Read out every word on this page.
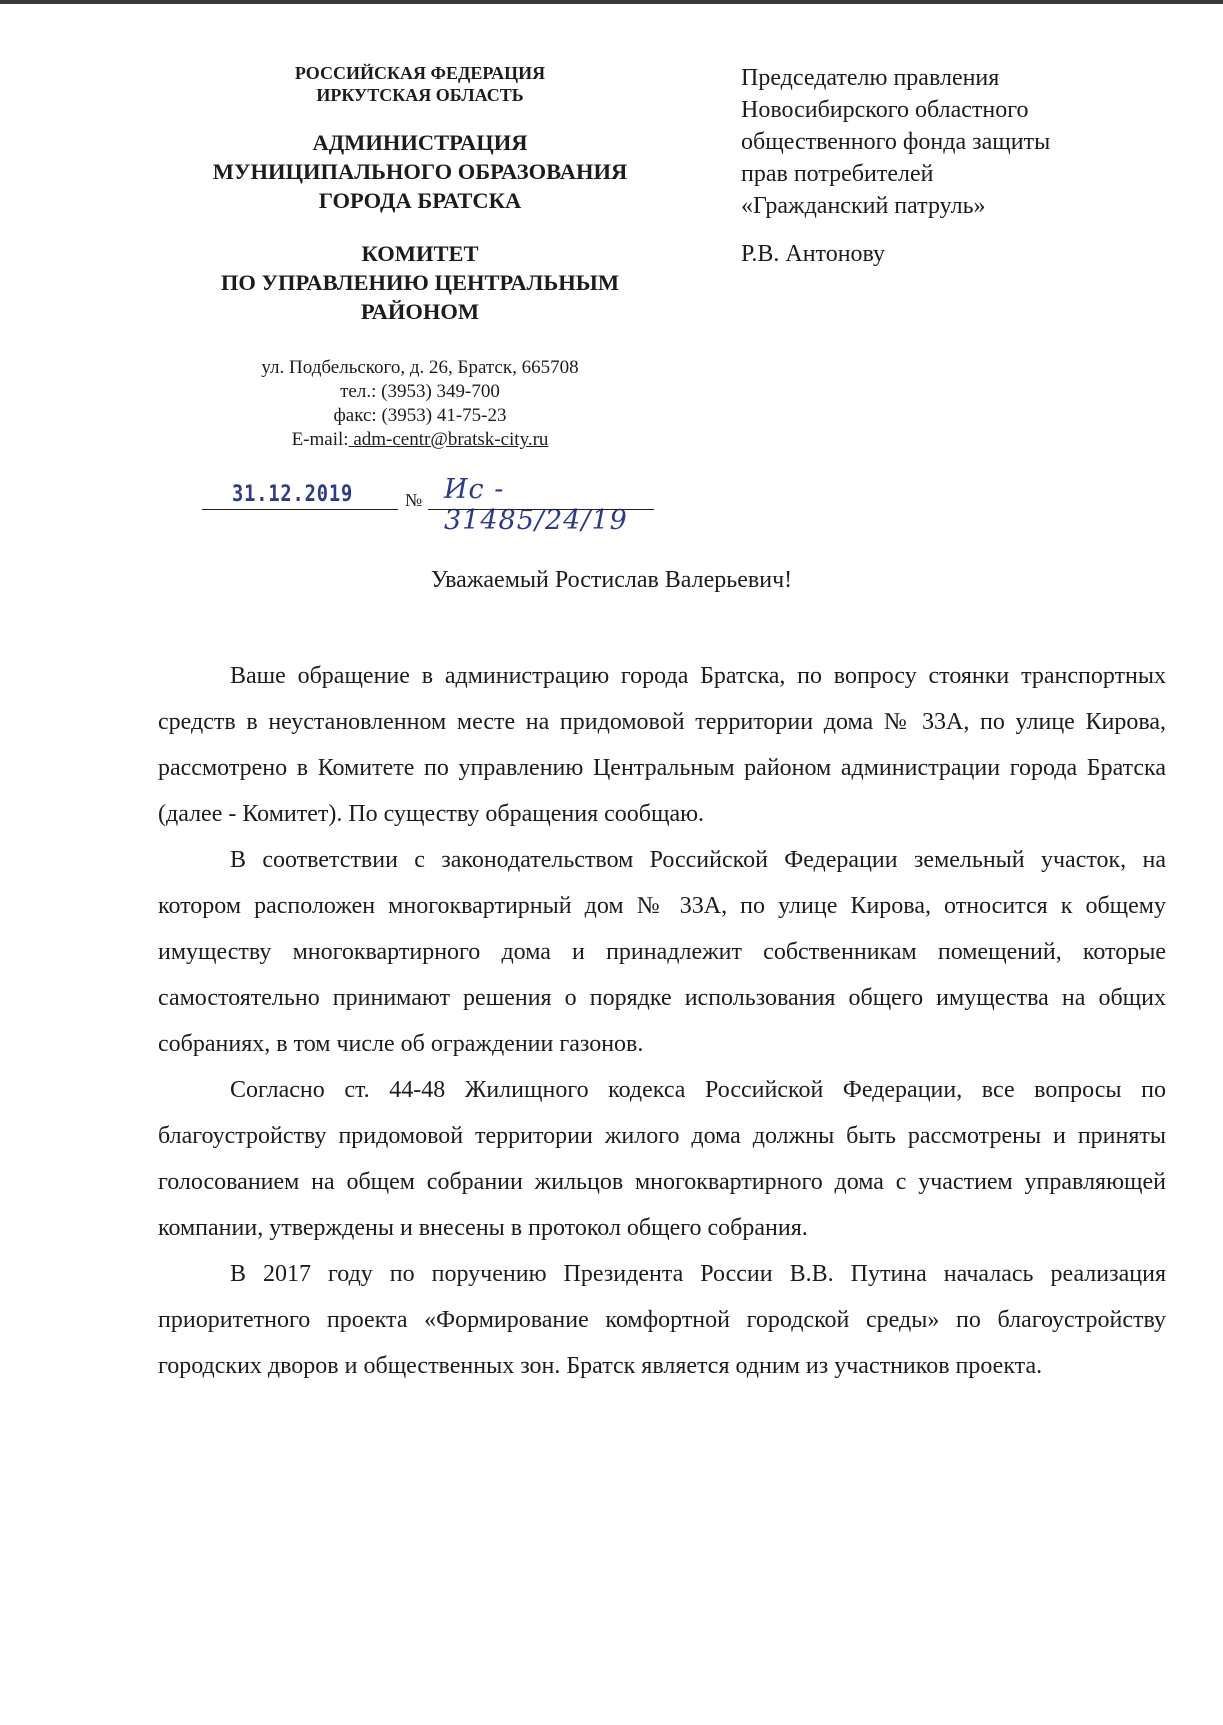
РОССИЙСКАЯ ФЕДЕРАЦИЯ
ИРКУТСКАЯ ОБЛАСТЬ
АДМИНИСТРАЦИЯ
МУНИЦИПАЛЬНОГО ОБРАЗОВАНИЯ
ГОРОДА БРАТСКА
КОМИТЕТ
ПО УПРАВЛЕНИЮ ЦЕНТРАЛЬНЫМ
РАЙОНОМ
ул. Подбельского, д. 26, Братск, 665708
тел.: (3953) 349-700
факс: (3953) 41-75-23
E-mail: adm-centr@bratsk-city.ru
31.12.2019	№ Ис - 31485/24/19
Председателю правления
Новосибирского областного
общественного фонда защиты
прав потребителей
«Гражданский патруль»
Р.В. Антонову
Уважаемый Ростислав Валерьевич!

Ваше обращение в администрацию города Братска, по вопросу стоянки транспортных средств в неустановленном месте на придомовой территории дома № 33А, по улице Кирова, рассмотрено в Комитете по управлению Центральным районом администрации города Братска (далее - Комитет). По существу обращения сообщаю.

В соответствии с законодательством Российской Федерации земельный участок, на котором расположен многоквартирный дом № 33А, по улице Кирова, относится к общему имуществу многоквартирного дома и принадлежит собственникам помещений, которые самостоятельно принимают решения о порядке использования общего имущества на общих собраниях, в том числе об ограждении газонов.

Согласно ст. 44-48 Жилищного кодекса Российской Федерации, все вопросы по благоустройству придомовой территории жилого дома должны быть рассмотрены и приняты голосованием на общем собрании жильцов многоквартирного дома с участием управляющей компании, утверждены и внесены в протокол общего собрания.

В 2017 году по поручению Президента России В.В. Путина началась реализация приоритетного проекта «Формирование комфортной городской среды» по благоустройству городских дворов и общественных зон. Братск является одним из участников проекта.
